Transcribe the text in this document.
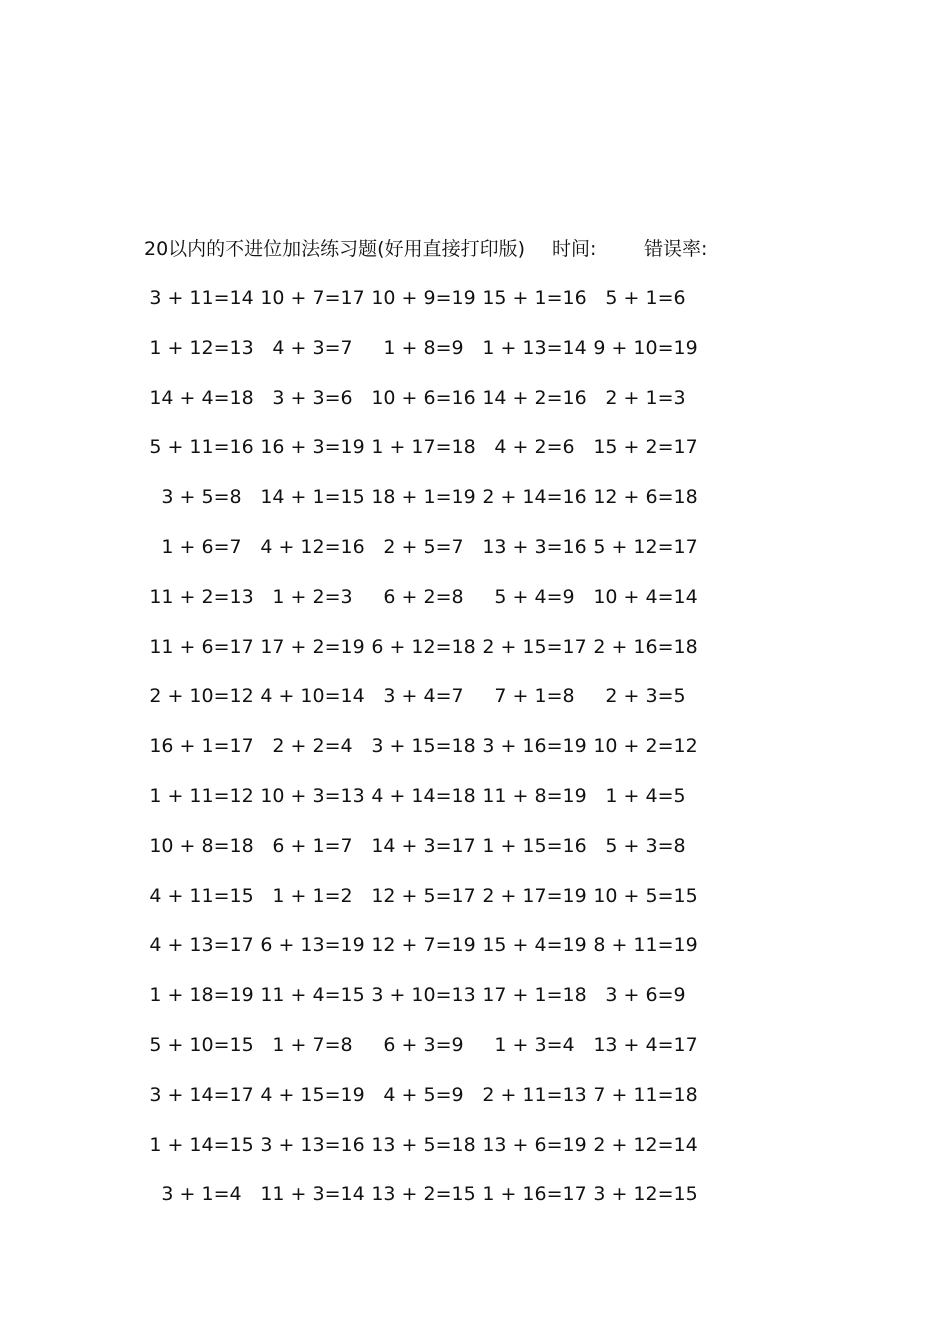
20以内的不进位加法练习题(好用直接打印版) 时间:	错误率:
3 + 11=14 10 + 7=17 10 + 9=19 15 + 1=16 5 + 1=6
1 + 12=13 4 + 3=7	1 + 8=9 1 + 13=14 9 + 10=19
14 + 4=18 3 + 3=6 10 + 6=16 14 + 2=16 2 + 1=3
5 + 11=16 16 + 3=19 1 + 17=18 4 + 2=6 15 + 2=17
3 + 5=8 14 + 1=15 18 + 1=19 2 + 14=16 12 + 6=18
1 + 6=7 4 + 12=16 2 + 5=7 13 + 3=16 5 + 12=17
11 + 2=13 1 + 2=3	6 + 2=8	5 + 4=9 10 + 4=14
11 + 6=17 17 + 2=19 6 + 12=18 2 + 15=17 2 + 16=18
2 + 10=12 4 + 10=14 3 + 4=7	7 + 1=8	2 + 3=5
16 + 1=17 2 + 2=4 3 + 15=18 3 + 16=19 10 + 2=12
1 + 11=12 10 + 3=13 4 + 14=18 11 + 8=19 1 + 4=5
10 + 8=18 6 + 1=7 14 + 3=17 1 + 15=16 5 + 3=8
4 + 11=15 1 + 1=2 12 + 5=17 2 + 17=19 10 + 5=15
4 + 13=17 6 + 13=19 12 + 7=19 15 + 4=19 8 + 11=19
1 + 18=19 11 + 4=15 3 + 10=13 17 + 1=18 3 + 6=9
5 + 10=15 1 + 7=8	6 + 3=9	1 + 3=4 13 + 4=17
3 + 14=17 4 + 15=19 4 + 5=9 2 + 11=13 7 + 11=18
1 + 14=15 3 + 13=16 13 + 5=18 13 + 6=19 2 + 12=14
3 + 1=4 11 + 3=14 13 + 2=15 1 + 16=17 3 + 12=15
